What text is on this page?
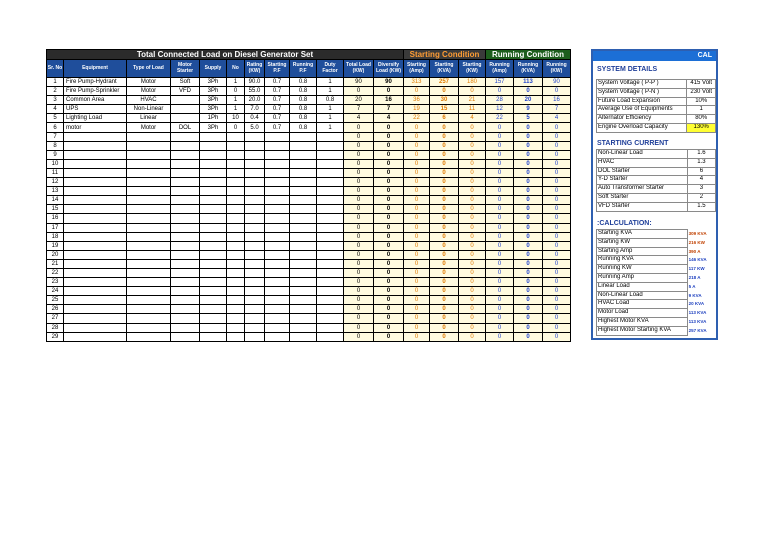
Total Connected Load on Diesel Generator Set												Starting Condition			Running Condition		
Sr. No	Equipment	Type of Load	Motor Starter	Supply	No	Rating (KW)	Starting P.F	Running P.F	Duty Factor	Total Load (KW)	Diversify Load (KW)	Starting (Amp)	Starting (KVA)	Starting (KW)	Running (Amp)	Running (KVA)	Running (KW)
1	Fire Pump-Hydrant	Motor	Soft	3Ph	1	90.0	0.7	0.8	1	90	90	313	257	180	157	113	90
2	Fire Pump-Sprinkler	Motor	VFD	3Ph	0	55.0	0.7	0.8	1	0	0	0	0	0	0	0	0
3	Common Area	HVAC		3Ph	1	20.0	0.7	0.8	0.8	20	16	36	30	21	28	20	16
4	UPS	Non-Linear		3Ph	1	7.0	0.7	0.8	1	7	7	19	15	11	12	9	7
5	Lighting Load	Linear		1Ph	10	0.4	0.7	0.8	1	4	4	22	6	4	22	5	4
6	motor	Motor	DOL	3Ph	0	5.0	0.7	0.8	1	0	0	0	0	0	0	0	0
7										0	0	0	0	0	0	0	0
8										0	0	0	0	0	0	0	0
9										0	0	0	0	0	0	0	0
10										0	0	0	0	0	0	0	0
11										0	0	0	0	0	0	0	0
12										0	0	0	0	0	0	0	0
13										0	0	0	0	0	0	0	0
14										0	0	0	0	0	0	0	0
15										0	0	0	0	0	0	0	0
16										0	0	0	0	0	0	0	0
17										0	0	0	0	0	0	0	0
18										0	0	0	0	0	0	0	0
19										0	0	0	0	0	0	0	0
20										0	0	0	0	0	0	0	0
21										0	0	0	0	0	0	0	0
22										0	0	0	0	0	0	0	0
23										0	0	0	0	0	0	0	0
24										0	0	0	0	0	0	0	0
25										0	0	0	0	0	0	0	0
26										0	0	0	0	0	0	0	0
27										0	0	0	0	0	0	0	0
28										0	0	0	0	0	0	0	0
29										0	0	0	0	0	0	0	0
CAL
SYSTEM DETAILS
System Voltage ( P-P )	415 Volt
System Voltage ( P-N )	230 Volt
Future Load Expansion	10%
Average Use of Equipments	1
Alternator Efficiency	80%
Engine Overload Capacity	130%
STARTING CURRENT
Non-Linear Load	1.6
HVAC	1.3
DOL Starter	6
Y-D Starter	4
Auto Transformer Starter	3
Soft Starter	2
VFD Starter	1.5
:CALCULATION:
Starting KVA	309 KVA
Starting KW	216 KW
Starting Amp	390 A
Running KVA	146 KVA
Running KW	117 KW
Running Amp	218 A
Linear Load	5 A
Non-Linear Load	9 KVA
HVAC Load	20 KVA
Motor Load	113 KVA
Highest Motor KVA	113 KVA
Highest Motor Starting KVA	257 KVA
